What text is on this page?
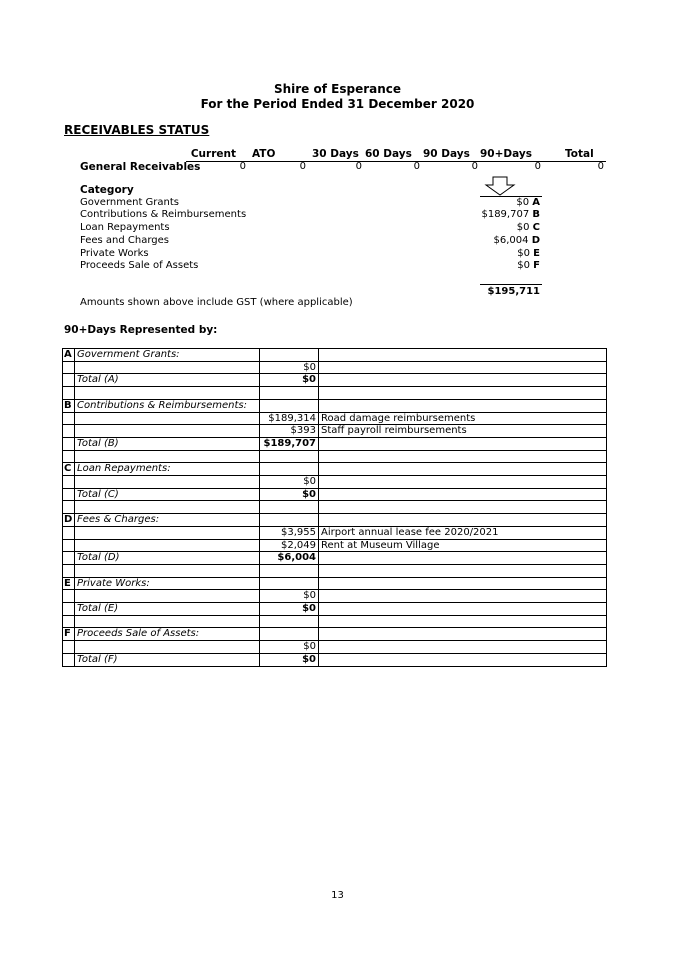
Shire of Esperance
For the Period Ended 31 December 2020
RECEIVABLES STATUS
Current ATO	30 Days 60 Days 90 Days 90+Days	Total
General Receivables	0	0	0	0	0	0	0
Category
Government Grants	$0 A
Contributions & Reimbursements	$189,707 B
Loan Repayments	$0 C
Fees and Charges	$6,004 D
Private Works	$0 E
Proceeds Sale of Assets	$0 F
$195,711
Amounts shown above include GST (where applicable)
90+Days Represented by:
A	Government Grants:		
		$0	
	Total (A)	$0	

B	Contributions & Reimbursements:		
		$189,314	Road damage reimbursements
		$393	Staff payroll reimbursements
	Total (B)	$189,707	

C	Loan Repayments:		
		$0	
	Total (C)	$0	

D	Fees & Charges:		
		$3,955	Airport annual lease fee 2020/2021
		$2,049	Rent at Museum Village
	Total (D)	$6,004	

E	Private Works:		
		$0	
	Total (E)	$0	

F	Proceeds Sale of Assets:		
		$0	
	Total (F)	$0	
13
